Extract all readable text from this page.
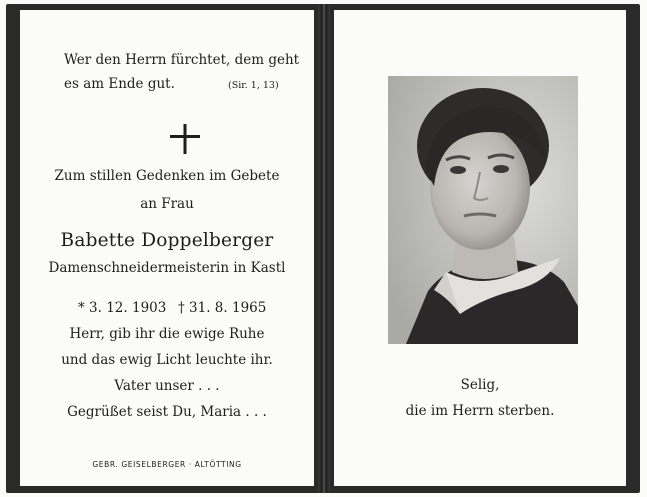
Wer den Herrn fürchtet, dem geht
es am Ende gut.	(Sir. 1, 13)
Zum stillen Gedenken im Gebete
an Frau
Babette Doppelberger
Damenschneidermeisterin in Kastl
* 3. 12. 1903 † 31. 8. 1965
Herr, gib ihr die ewige Ruhe
und das ewig Licht leuchte ihr.
Vater unser . . .
Gegrüßet seist Du, Maria . . .
GEBR. GEISELBERGER · ALTÖTTING
Selig,
die im Herrn sterben.
